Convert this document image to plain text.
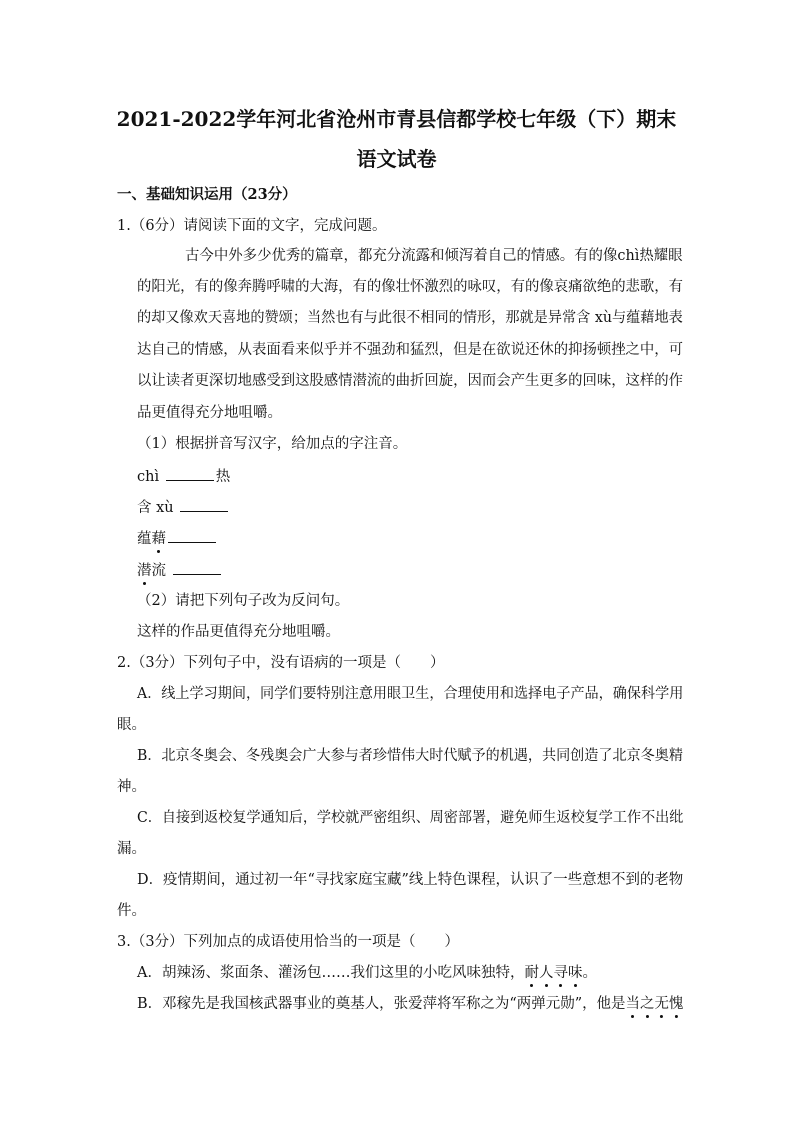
2021-2022学年河北省沧州市青县信都学校七年级（下）期末
语文试卷
一、基础知识运用（23分）
1.（6分）请阅读下面的文字，完成问题。
古今中外多少优秀的篇章，都充分流露和倾泻着自己的情感。有的像chì热耀眼
的阳光，有的像奔腾呼啸的大海，有的像壮怀激烈的咏叹，有的像哀痛欲绝的悲歌，有
的却又像欢天喜地的赞颂；当然也有与此很不相同的情形，那就是异常含 xù与蕴藉地表
达自己的情感，从表面看来似乎并不强劲和猛烈，但是在欲说还休的抑扬顿挫之中，可
以让读者更深切地感受到这股感情潜流的曲折回旋，因而会产生更多的回味，这样的作
品更值得充分地咀嚼。
（1）根据拼音写汉字，给加点的字注音。
chì	热
含 xù
蕴藉
潜流
（2）请把下列句子改为反问句。
这样的作品更值得充分地咀嚼。
2.（3分）下列句子中，没有语病的一项是（　　）
A．线上学习期间，同学们要特别注意用眼卫生，合理使用和选择电子产品，确保科学用
眼。
B．北京冬奥会、冬残奥会广大参与者珍惜伟大时代赋予的机遇，共同创造了北京冬奥精
神。
C．自接到返校复学通知后，学校就严密组织、周密部署，避免师生返校复学工作不出纰
漏。
D．疫情期间，通过初一年“寻找家庭宝藏”线上特色课程，认识了一些意想不到的老物
件。
3.（3分）下列加点的成语使用恰当的一项是（　　）
A．胡辣汤、浆面条、灌汤包……我们这里的小吃风味独特，耐人寻味。
B．邓稼先是我国核武器事业的奠基人，张爱萍将军称之为“两弹元勋”，他是当之无愧
